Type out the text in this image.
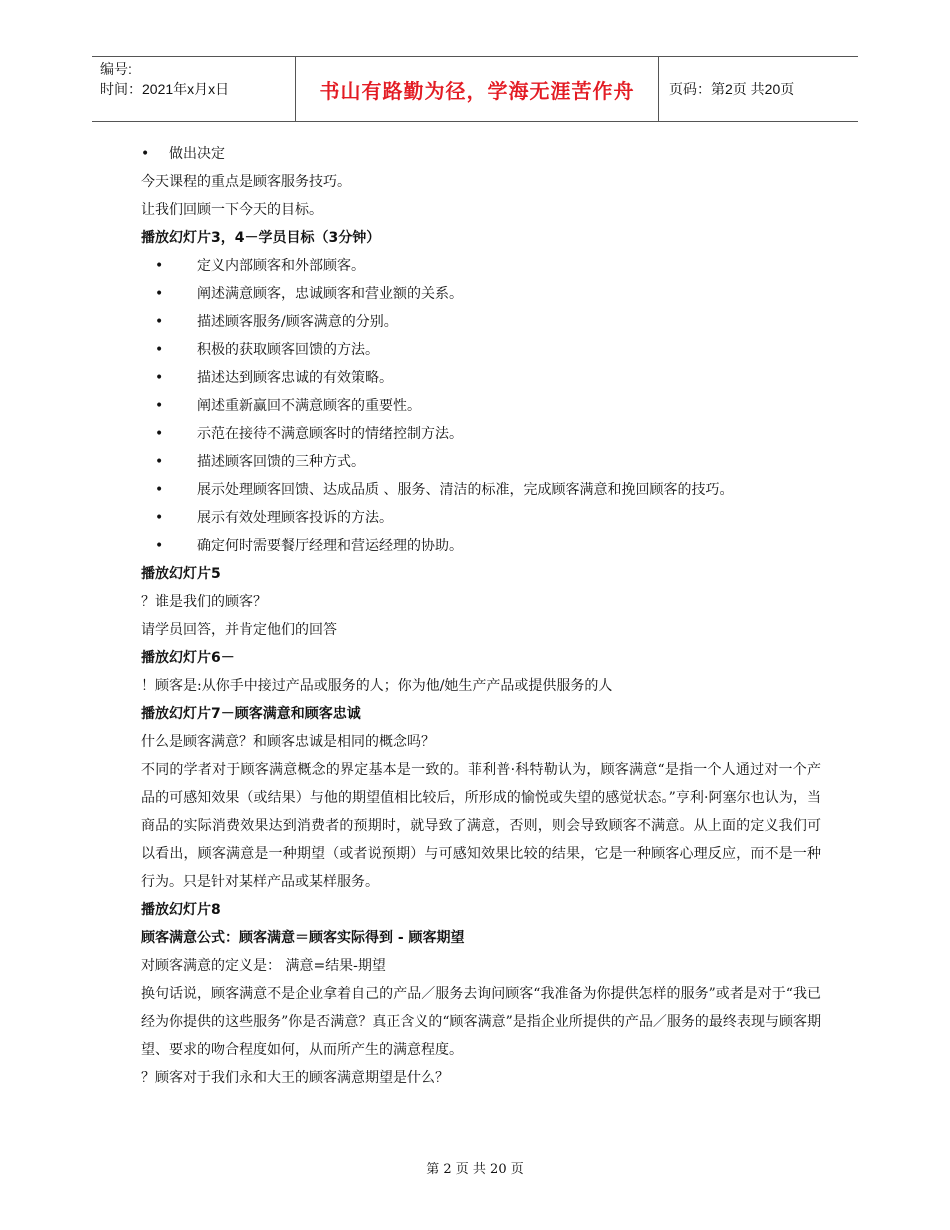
编号:
时间：2021年x月x日	书山有路勤为径，学海无涯苦作舟	页码：第2页 共20页
•	做出决定
今天课程的重点是顾客服务技巧。
让我们回顾一下今天的目标。
播放幻灯片3，4－学员目标（3分钟）
•	定义内部顾客和外部顾客。
•	阐述满意顾客，忠诚顾客和营业额的关系。
•	描述顾客服务/顾客满意的分别。
•	积极的获取顾客回馈的方法。
•	描述达到顾客忠诚的有效策略。
•	阐述重新赢回不满意顾客的重要性。
•	示范在接待不满意顾客时的情绪控制方法。
•	描述顾客回馈的三种方式。
•	展示处理顾客回馈、达成品质 、服务、清洁的标准，完成顾客满意和挽回顾客的技巧。
•	展示有效处理顾客投诉的方法。
•	确定何时需要餐厅经理和营运经理的协助。
播放幻灯片5
？谁是我们的顾客？
请学员回答，并肯定他们的回答
播放幻灯片6－
！顾客是:从你手中接过产品或服务的人；你为他/她生产产品或提供服务的人
播放幻灯片7－顾客满意和顾客忠诚
什么是顾客满意？和顾客忠诚是相同的概念吗？
不同的学者对于顾客满意概念的界定基本是一致的。菲利普·科特勒认为，顾客满意“是指一个人通过对一个产品的可感知效果（或结果）与他的期望值相比较后，所形成的愉悦或失望的感觉状态。”亨利·阿塞尔也认为，当商品的实际消费效果达到消费者的预期时，就导致了满意，否则，则会导致顾客不满意。从上面的定义我们可以看出，顾客满意是一种期望（或者说预期）与可感知效果比较的结果，它是一种顾客心理反应，而不是一种行为。只是针对某样产品或某样服务。
播放幻灯片8
顾客满意公式：顾客满意＝顾客实际得到 - 顾客期望
对顾客满意的定义是： 满意=结果-期望
换句话说，顾客满意不是企业拿着自己的产品／服务去询问顾客“我准备为你提供怎样的服务”或者是对于“我已经为你提供的这些服务”你是否满意？真正含义的“顾客满意”是指企业所提供的产品／服务的最终表现与顾客期望、要求的吻合程度如何，从而所产生的满意程度。
？顾客对于我们永和大王的顾客满意期望是什么？
第 2 页 共 20 页
